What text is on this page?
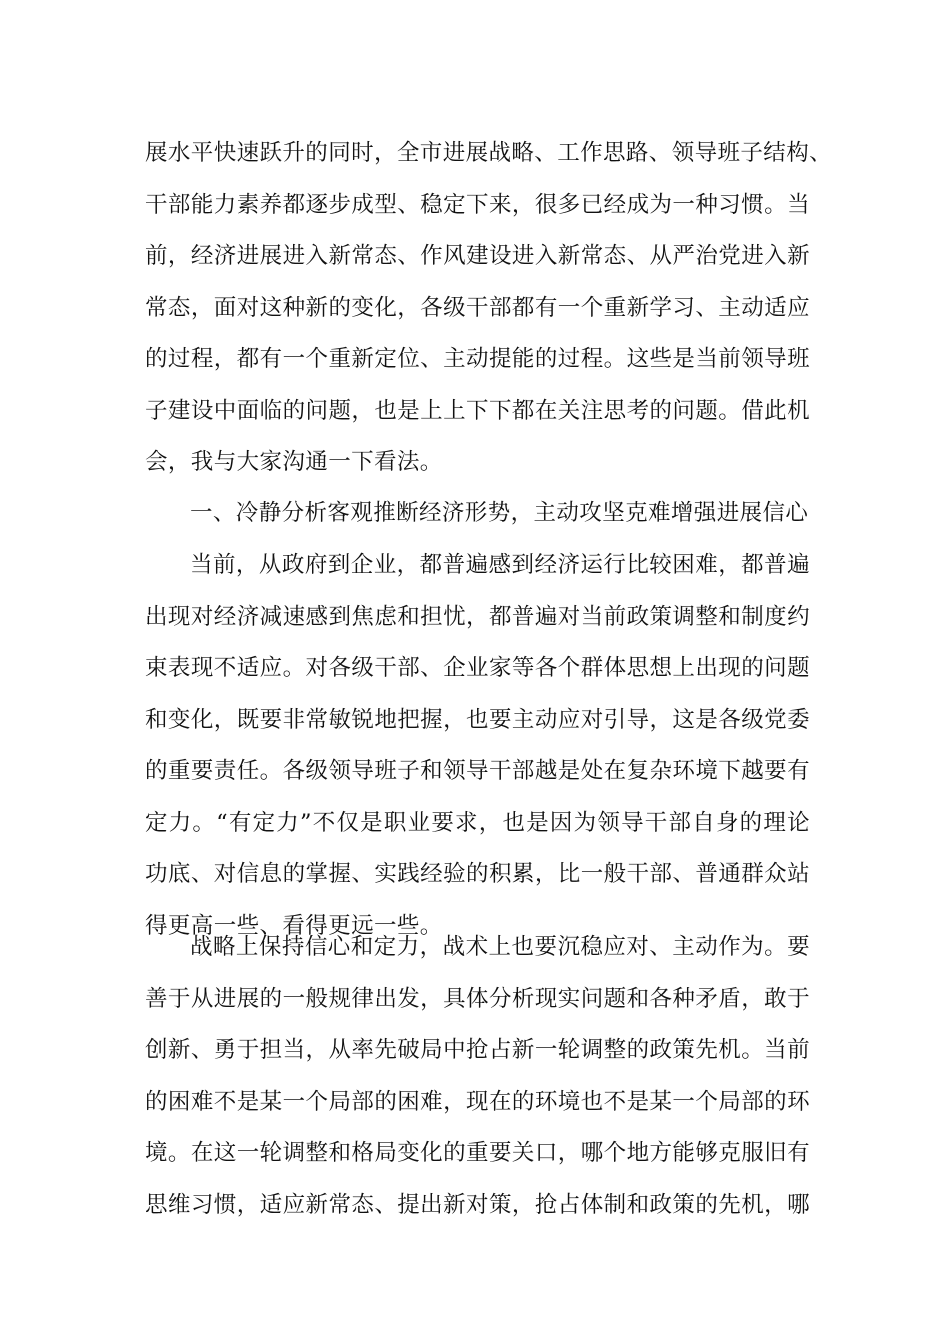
展水平快速跃升的同时，全市进展战略、工作思路、领导班子结构、
干部能力素养都逐步成型、稳定下来，很多已经成为一种习惯。当
前，经济进展进入新常态、作风建设进入新常态、从严治党进入新
常态，面对这种新的变化，各级干部都有一个重新学习、主动适应
的过程，都有一个重新定位、主动提能的过程。这些是当前领导班
子建设中面临的问题，也是上上下下都在关注思考的问题。借此机
会，我与大家沟通一下看法。
一、冷静分析客观推断经济形势，主动攻坚克难增强进展信心
当前，从政府到企业，都普遍感到经济运行比较困难，都普遍
出现对经济减速感到焦虑和担忧，都普遍对当前政策调整和制度约
束表现不适应。对各级干部、企业家等各个群体思想上出现的问题
和变化，既要非常敏锐地把握，也要主动应对引导，这是各级党委
的重要责任。各级领导班子和领导干部越是处在复杂环境下越要有
定力。“有定力”不仅是职业要求，也是因为领导干部自身的理论
功底、对信息的掌握、实践经验的积累，比一般干部、普通群众站
得更高一些、看得更远一些。
战略上保持信心和定力，战术上也要沉稳应对、主动作为。要
善于从进展的一般规律出发，具体分析现实问题和各种矛盾，敢于
创新、勇于担当，从率先破局中抢占新一轮调整的政策先机。当前
的困难不是某一个局部的困难，现在的环境也不是某一个局部的环
境。在这一轮调整和格局变化的重要关口，哪个地方能够克服旧有
思维习惯，适应新常态、提出新对策，抢占体制和政策的先机，哪
